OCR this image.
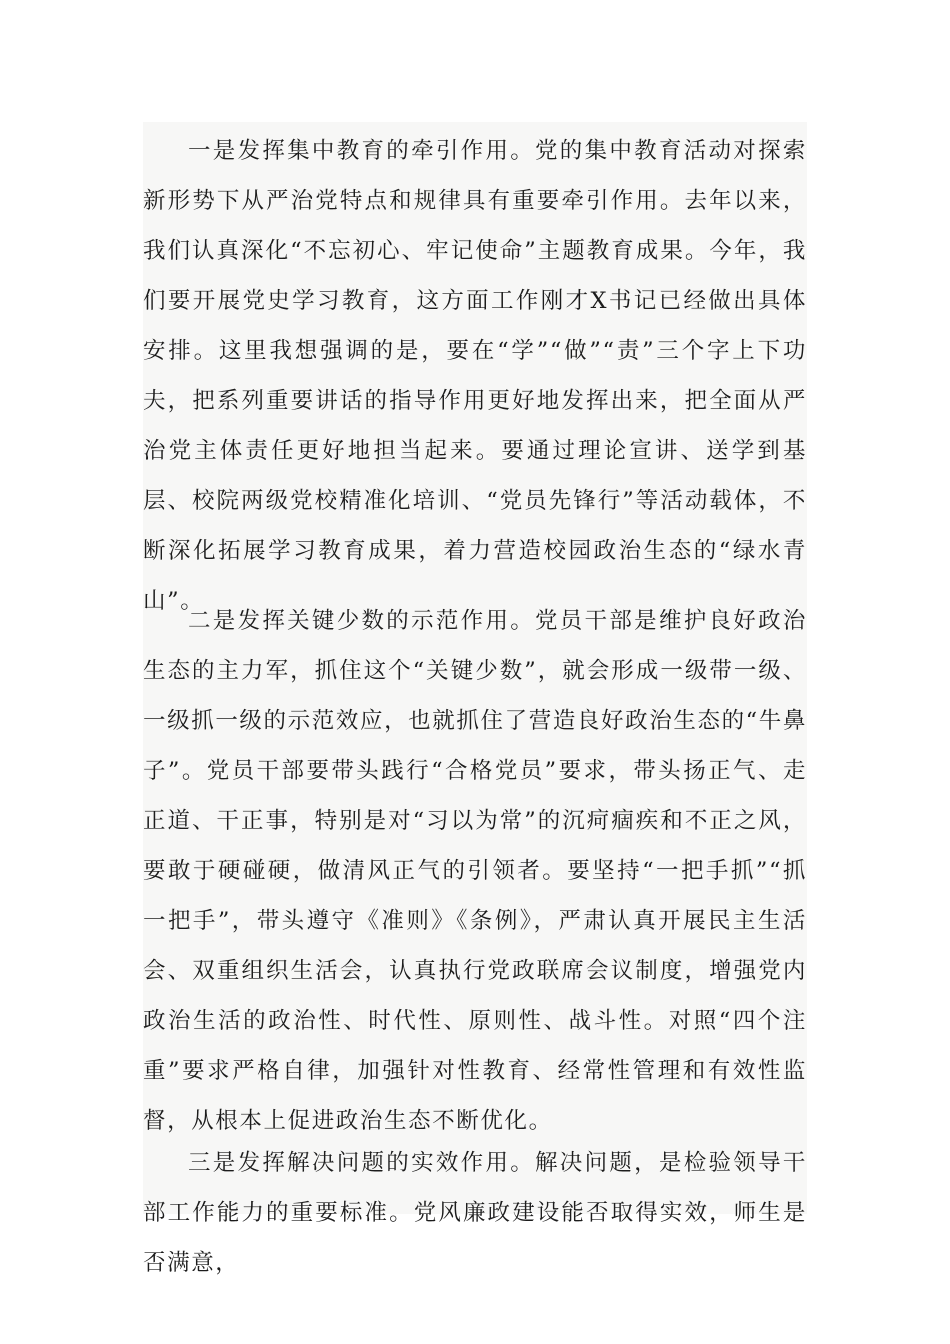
一是发挥集中教育的牵引作用。党的集中教育活动对探索新形势下从严治党特点和规律具有重要牵引作用。去年以来，我们认真深化“不忘初心、牢记使命”主题教育成果。今年，我们要开展党史学习教育，这方面工作刚才X书记已经做出具体安排。这里我想强调的是，要在“学”“做”“责”三个字上下功夫，把系列重要讲话的指导作用更好地发挥出来，把全面从严治党主体责任更好地担当起来。要通过理论宣讲、送学到基层、校院两级党校精准化培训、“党员先锋行”等活动载体，不断深化拓展学习教育成果，着力营造校园政治生态的“绿水青山”。

二是发挥关键少数的示范作用。党员干部是维护良好政治生态的主力军，抓住这个“关键少数”，就会形成一级带一级、一级抓一级的示范效应，也就抓住了营造良好政治生态的“牛鼻子”。党员干部要带头践行“合格党员”要求，带头扬正气、走正道、干正事，特别是对“习以为常”的沉疴痼疾和不正之风，要敢于硬碰硬，做清风正气的引领者。要坚持“一把手抓”“抓一把手”，带头遵守《准则》《条例》，严肃认真开展民主生活会、双重组织生活会，认真执行党政联席会议制度，增强党内政治生活的政治性、时代性、原则性、战斗性。对照“四个注重”要求严格自律，加强针对性教育、经常性管理和有效性监督，从根本上促进政治生态不断优化。

三是发挥解决问题的实效作用。解决问题，是检验领导干部工作能力的重要标准。党风廉政建设能否取得实效，师生是否满意，
